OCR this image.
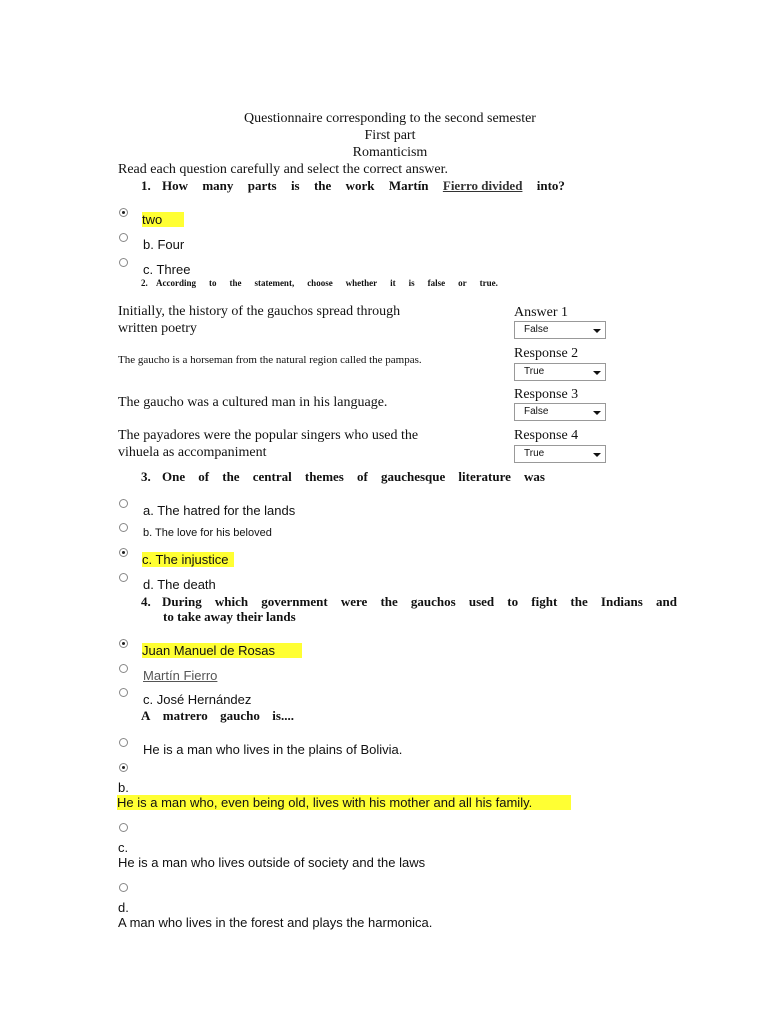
Questionnaire corresponding to the second semester
First part
Romanticism
Read each question carefully and select the correct answer.
1. How many parts is the work Martín Fierro divided into?
two
b. Four
c. Three
2. According to the statement, choose whether it is false or true.
Initially, the history of the gauchos spread through
written poetry
Answer 1
False
The gaucho is a horseman from the natural region called the pampas.	Response 2
True
The gaucho was a cultured man in his language.
Response 3
False
The payadores were the popular singers who used the
vihuela as accompaniment
Response 4
True
3. One of the central themes of gauchesque literature was
a. The hatred for the lands
b. The love for his beloved
c. The injustice
d. The death
4. During which government were the gauchos used to fight the Indians and
to take away their lands
Juan Manuel de Rosas
Martín Fierro
c. José Hernández
A matrero gaucho is....
He is a man who lives in the plains of Bolivia.
b.
He is a man who, even being old, lives with his mother and all his family.
c.
He is a man who lives outside of society and the laws
d.
A man who lives in the forest and plays the harmonica.
